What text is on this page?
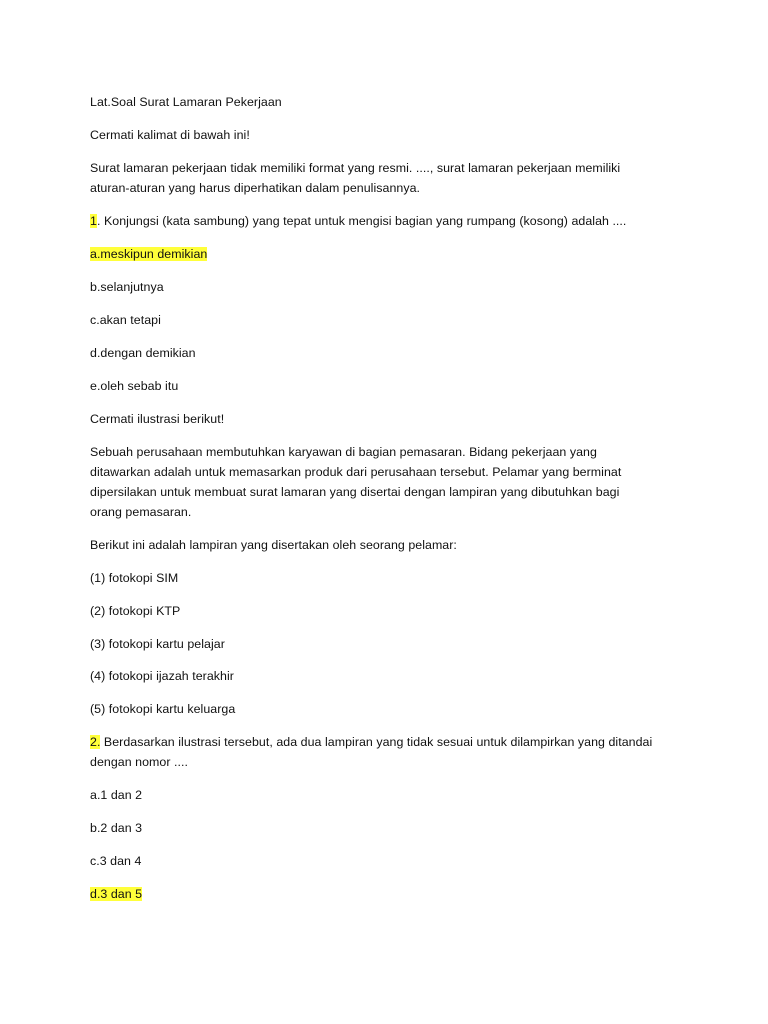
Lat.Soal Surat Lamaran Pekerjaan
Cermati kalimat di bawah ini!
Surat lamaran pekerjaan tidak memiliki format yang resmi. ...., surat lamaran pekerjaan memiliki
aturan-aturan yang harus diperhatikan dalam penulisannya.
1. Konjungsi (kata sambung) yang tepat untuk mengisi bagian yang rumpang (kosong) adalah ....
a.meskipun demikian
b.selanjutnya
c.akan tetapi
d.dengan demikian
e.oleh sebab itu
Cermati ilustrasi berikut!
Sebuah perusahaan membutuhkan karyawan di bagian pemasaran. Bidang pekerjaan yang
ditawarkan adalah untuk memasarkan produk dari perusahaan tersebut. Pelamar yang berminat
dipersilakan untuk membuat surat lamaran yang disertai dengan lampiran yang dibutuhkan bagi
orang pemasaran.
Berikut ini adalah lampiran yang disertakan oleh seorang pelamar:
(1) fotokopi SIM
(2) fotokopi KTP
(3) fotokopi kartu pelajar
(4) fotokopi ijazah terakhir
(5) fotokopi kartu keluarga
2. Berdasarkan ilustrasi tersebut, ada dua lampiran yang tidak sesuai untuk dilampirkan yang ditandai
dengan nomor ....
a.1 dan 2
b.2 dan 3
c.3 dan 4
d.3 dan 5
